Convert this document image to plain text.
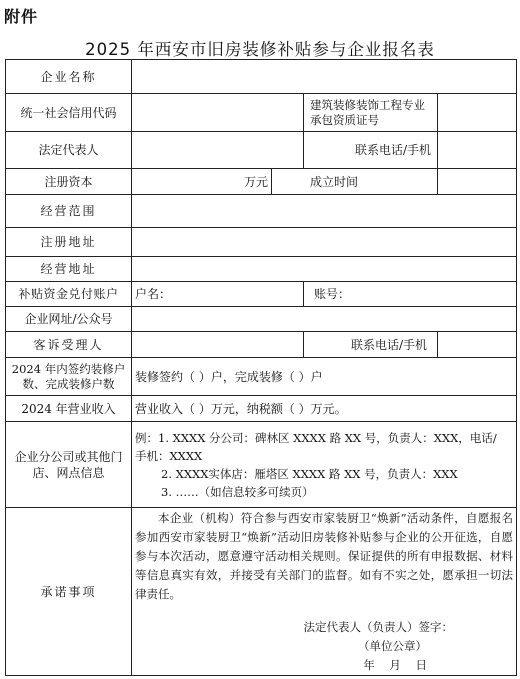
附件
2025 年西安市旧房装修补贴参与企业报名表
企业名称				
统一社会信用代码			建筑装修装饰工程专业承包资质证号	
法定代表人			联系电话/手机	
注册资本	万元	成立时间		
经营范围				
注册地址				
经营地址				
补贴资金兑付账户	户名：		账号：	
企业网址/公众号				
客诉受理人			联系电话/手机	
2024 年内签约装修户数、完成装修户数	装修签约（ ）户，完成装修（ ）户			
2024 年营业收入	营业收入（ ）万元，纳税额（ ）万元。			
企业分公司或其他门店、网点信息	例：1. XXXX 分公司：碑林区 XXXX 路 XX 号，负责人：XXX，电话/
手机：XXXX
2. XXXX实体店：雁塔区 XXXX 路 XX 号，负责人：XXX
3. ……（如信息较多可续页）			

承诺事项	本企业（机构）符合参与西安市家装厨卫“焕新”活动条件，自愿报名参加西安市家装厨卫“焕新”活动旧房装修补贴参与企业的公开征选，自愿参与本次活动，愿意遵守活动相关规则。保证提供的所有申报数据、材料等信息真实有效，并接受有关部门的监督。如有不实之处，愿承担一切法律责任。

法定代表人（负责人）签字：
（单位公章）
年    月    日			
